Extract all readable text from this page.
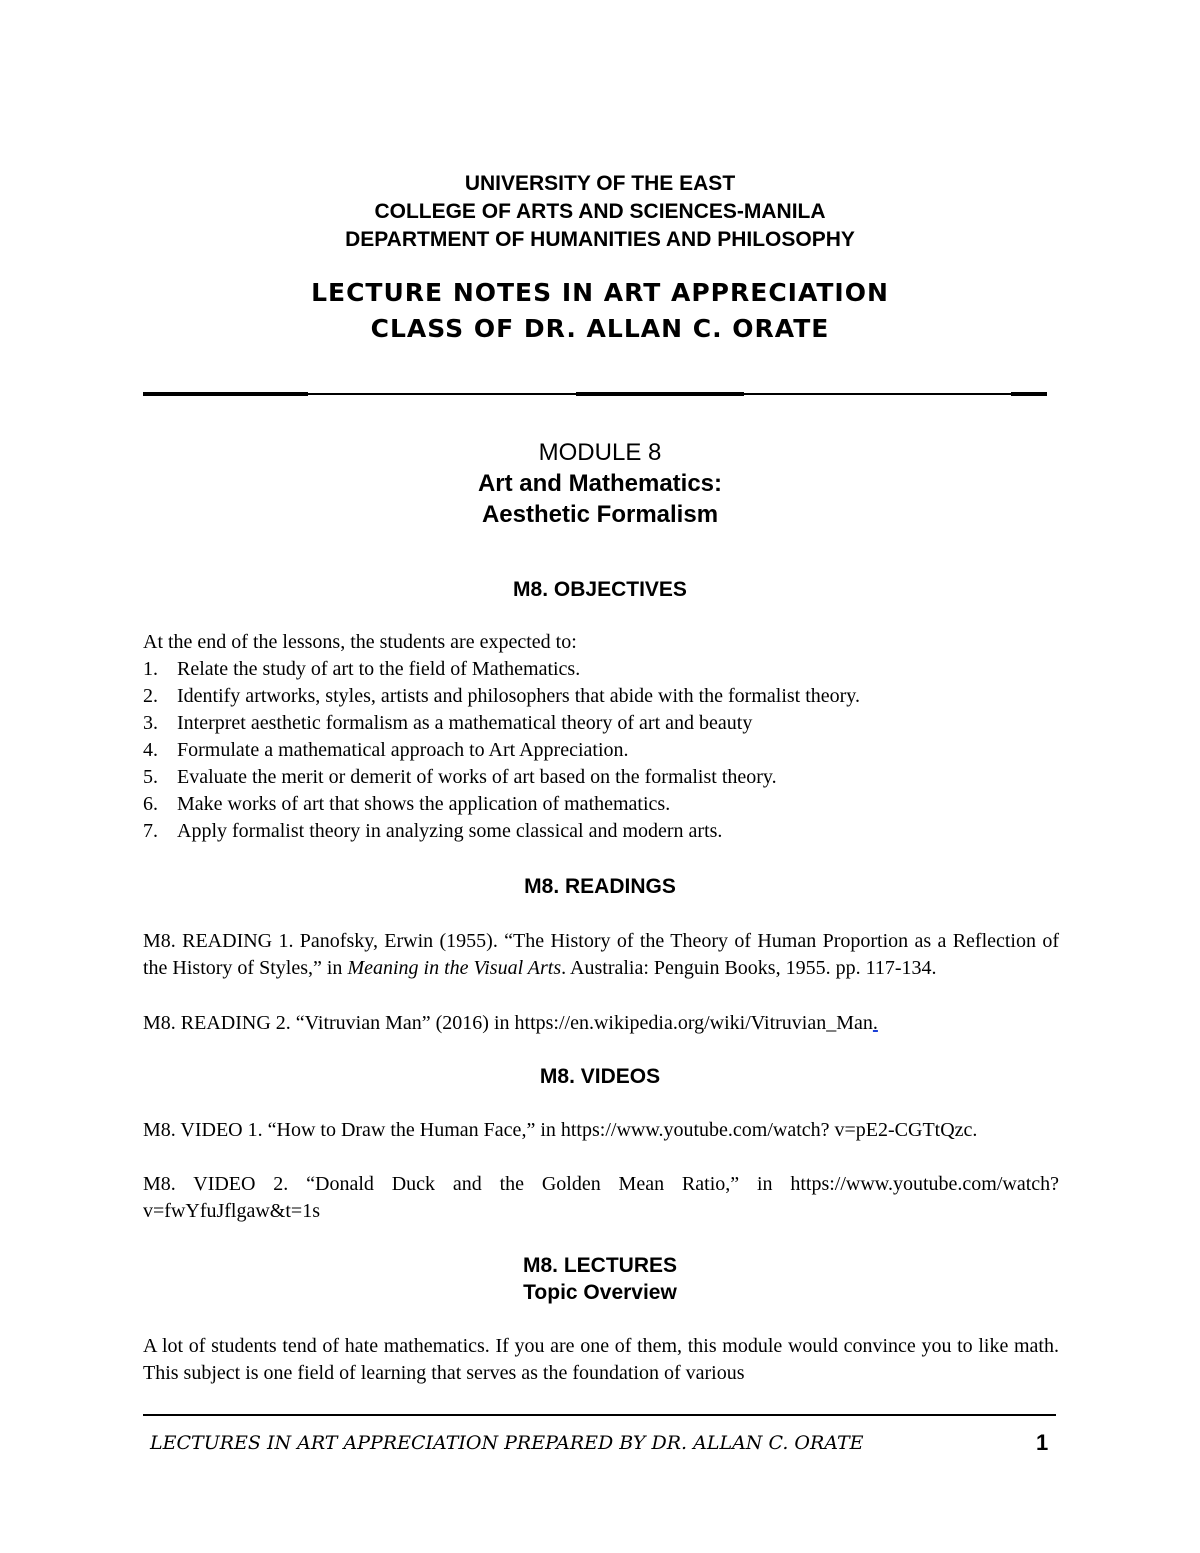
UNIVERSITY OF THE EAST
COLLEGE OF ARTS AND SCIENCES-MANILA
DEPARTMENT OF HUMANITIES AND PHILOSOPHY
LECTURE NOTES IN ART APPRECIATION
CLASS OF DR. ALLAN C. ORATE
MODULE 8
Art and Mathematics:
Aesthetic Formalism
M8. OBJECTIVES
At the end of the lessons, the students are expected to:
1. Relate the study of art to the field of Mathematics.
2. Identify artworks, styles, artists and philosophers that abide with the formalist theory.
3. Interpret aesthetic formalism as a mathematical theory of art and beauty
4. Formulate a mathematical approach to Art Appreciation.
5. Evaluate the merit or demerit of works of art based on the formalist theory.
6. Make works of art that shows the application of mathematics.
7. Apply formalist theory in analyzing some classical and modern arts.
M8. READINGS
M8. READING 1. Panofsky, Erwin (1955). “The History of the Theory of Human Proportion as a Reflection of the History of Styles,” in Meaning in the Visual Arts. Australia: Penguin Books, 1955. pp. 117-134.
M8. READING 2. “Vitruvian Man” (2016) in https://en.wikipedia.org/wiki/Vitruvian_Man.
M8. VIDEOS
M8. VIDEO 1. “How to Draw the Human Face,” in https://www.youtube.com/watch? v=pE2-CGTtQzc.
M8. VIDEO 2. “Donald Duck and the Golden Mean Ratio,” in https://www.youtube.com/watch? v=fwYfuJflgaw&t=1s
M8. LECTURES
Topic Overview
A lot of students tend of hate mathematics. If you are one of them, this module would convince you to like math. This subject is one field of learning that serves as the foundation of various
LECTURES IN ART APPRECIATION PREPARED BY DR. ALLAN C. ORATE	1
